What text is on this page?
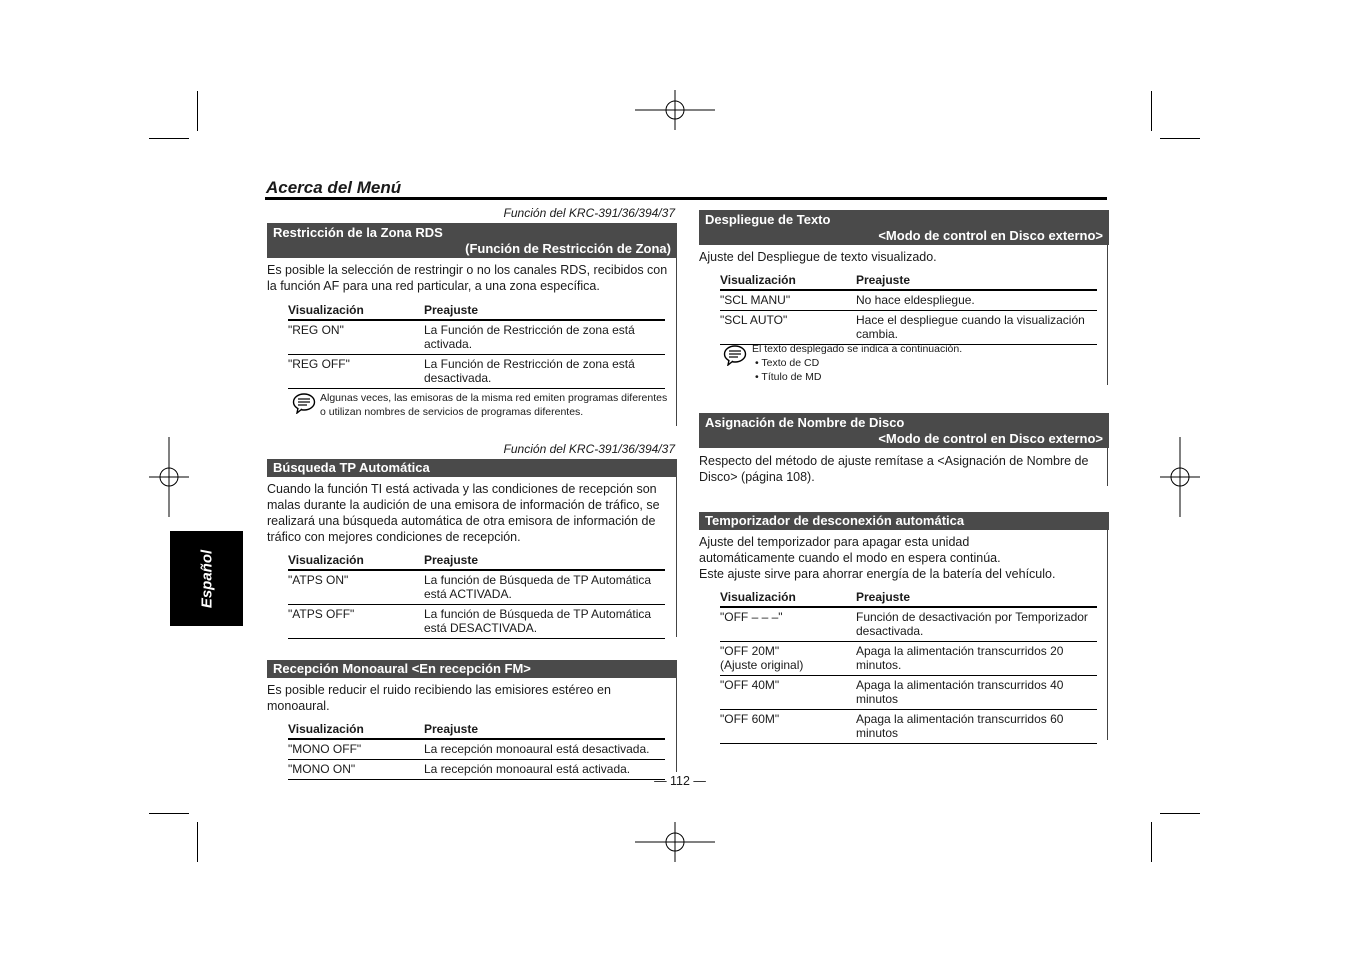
Acerca del Menú
Español
Función del KRC-391/36/394/37
Restricción de la Zona RDS
(Función de Restricción de Zona)
Es posible la selección de restringir o no los canales RDS, recibidos con la función AF para una red particular, a una zona específica.
Visualización	Preajuste
"REG ON"	La Función de Restricción de zona está activada.
"REG OFF"	La Función de Restricción de zona está desactivada.
Algunas veces, las emisoras de la misma red emiten programas diferentes o utilizan nombres de servicios de programas diferentes.
Función del KRC-391/36/394/37
Búsqueda TP Automática
Cuando la función TI está activada y las condiciones de recepción son malas durante la audición de una emisora de información de tráfico, se realizará una búsqueda automática de otra emisora de información de tráfico con mejores condiciones de recepción.
Visualización	Preajuste
"ATPS ON"	La función de Búsqueda de TP Automática está ACTIVADA.
"ATPS OFF"	La función de Búsqueda de TP Automática está DESACTIVADA.
Recepción Monoaural <En recepción FM>
Es posible reducir el ruido recibiendo las emisiores estéreo en monoaural.
Visualización	Preajuste
"MONO OFF"	La recepción monoaural está desactivada.
"MONO ON"	La recepción monoaural está activada.
— 112 —
Despliegue de Texto
<Modo de control en Disco externo>
Ajuste del Despliegue de texto visualizado.
Visualización	Preajuste
"SCL MANU"	No hace eldespliegue.
"SCL AUTO"	Hace el despliegue cuando la visualización cambia.
El texto desplegado se indica a continuación.
• Texto de CD
• Título de MD
Asignación de Nombre de Disco
<Modo de control en Disco externo>
Respecto del método de ajuste remítase a <Asignación de Nombre de Disco> (página 108).
Temporizador de desconexión automática
Ajuste del temporizador para apagar esta unidad automáticamente cuando el modo en espera continúa.
Este ajuste sirve para ahorrar energía de la batería del vehículo.
Visualización	Preajuste

"OFF – – –"	Función de desactivación por Temporizador desactivada.

"OFF 20M"
(Ajuste original)	Apaga la alimentación transcurridos 20 minutos.

"OFF 40M"	Apaga la alimentación transcurridos 40 minutos

"OFF 60M"	Apaga la alimentación transcurridos 60 minutos
